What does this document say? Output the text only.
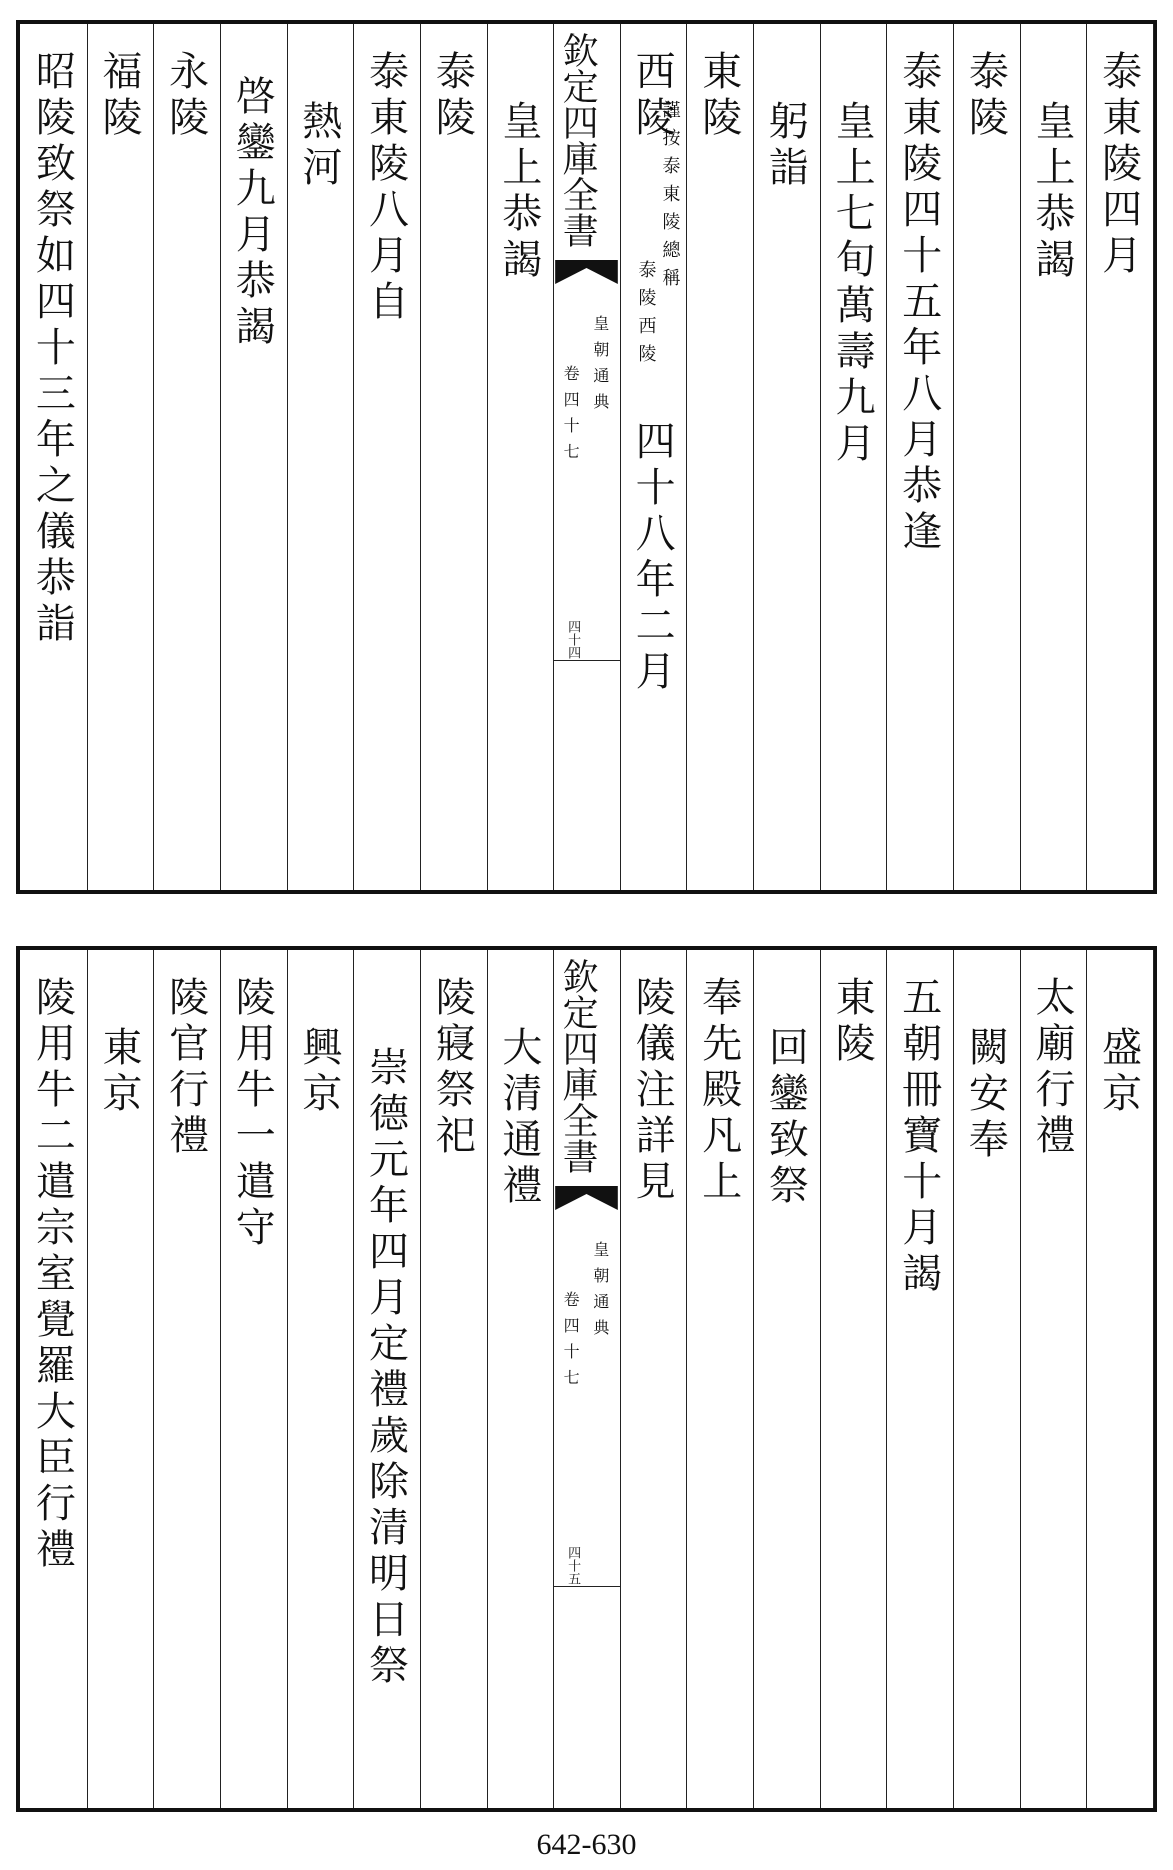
泰東陵四月
皇上恭謁
泰陵
泰東陵四十五年八月恭逢
皇上七旬萬壽九月
躬詣
東陵
西陵
謹按泰東陵總稱
泰陵西陵
四十八年二月
欽定四庫全書
皇朝通典
卷四十七
四十四
皇上恭謁
泰陵
泰東陵八月自
熱河
啓鑾九月恭謁
永陵
福陵
昭陵致祭如四十三年之儀恭詣
盛京
太廟行禮
闕安奉
五朝冊寶十月謁
東陵
回鑾致祭
奉先殿凡上
陵儀注詳見
欽定四庫全書
皇朝通典
卷四十七
四十五
大清通禮
陵寢祭祀
崇德元年四月定禮歲除清明日祭
興京
陵用牛一遣守
陵官行禮
東京
陵用牛二遣宗室覺羅大臣行禮
642-630
